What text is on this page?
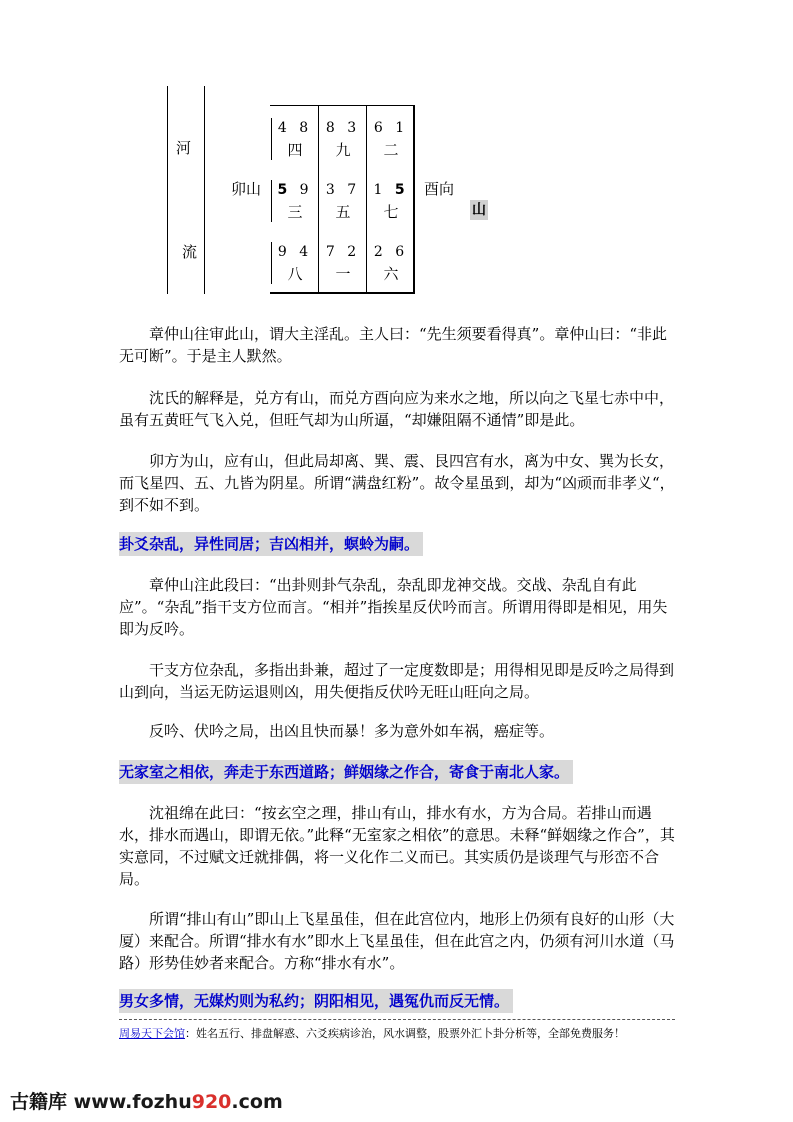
河
流
卯山	酉向
山
4 8
四
8 3
九
6 1
二
5 9
三
3 7
五
1 5
七
9 4
八
7 2
一
2 6
六

章仲山往审此山，谓大主淫乱。主人曰：“先生须要看得真”。章仲山曰：“非此无可断”。于是主人默然。

沈氏的解释是，兑方有山，而兑方酉向应为来水之地，所以向之飞星七赤中中，虽有五黄旺气飞入兑，但旺气却为山所逼，“却嫌阻隔不通情”即是此。

卯方为山，应有山，但此局却离、巽、震、艮四宫有水，离为中女、巽为长女，而飞星四、五、九皆为阴星。所谓“满盘红粉”。故令星虽到，却为“凶顽而非孝义“，到不如不到。

卦爻杂乱，异性同居；吉凶相并，螟蛉为嗣。

章仲山注此段曰：“出卦则卦气杂乱，杂乱即龙神交战。交战、杂乱自有此应”。“杂乱”指干支方位而言。“相并”指挨星反伏吟而言。所谓用得即是相见，用失即为反吟。

干支方位杂乱，多指出卦兼，超过了一定度数即是；用得相见即是反吟之局得到山到向，当运无防运退则凶，用失便指反伏吟无旺山旺向之局。

反吟、伏吟之局，出凶且快而暴！多为意外如车祸，癌症等。

无家室之相依，奔走于东西道路；鲜姻缘之作合，寄食于南北人家。

沈祖绵在此曰：“按玄空之理，排山有山，排水有水，方为合局。若排山而遇水，排水而遇山，即谓无依。”此释“无室家之相依”的意思。未释“鲜姻缘之作合”，其实意同，不过赋文迁就排偶，将一义化作二义而已。其实质仍是谈理气与形峦不合局。

所谓“排山有山”即山上飞星虽佳，但在此宫位内，地形上仍须有良好的山形（大厦）来配合。所谓“排水有水”即水上飞星虽佳，但在此宫之内，仍须有河川水道（马路）形势佳妙者来配合。方称“排水有水”。

男女多情，无媒灼则为私约；阴阳相见，遇冤仇而反无情。
周易天下会馆：姓名五行、排盘解惑、六爻疾病诊治，风水调整，股票外汇卜卦分析等，全部免费服务！
古籍库 www.fozhu920.com
